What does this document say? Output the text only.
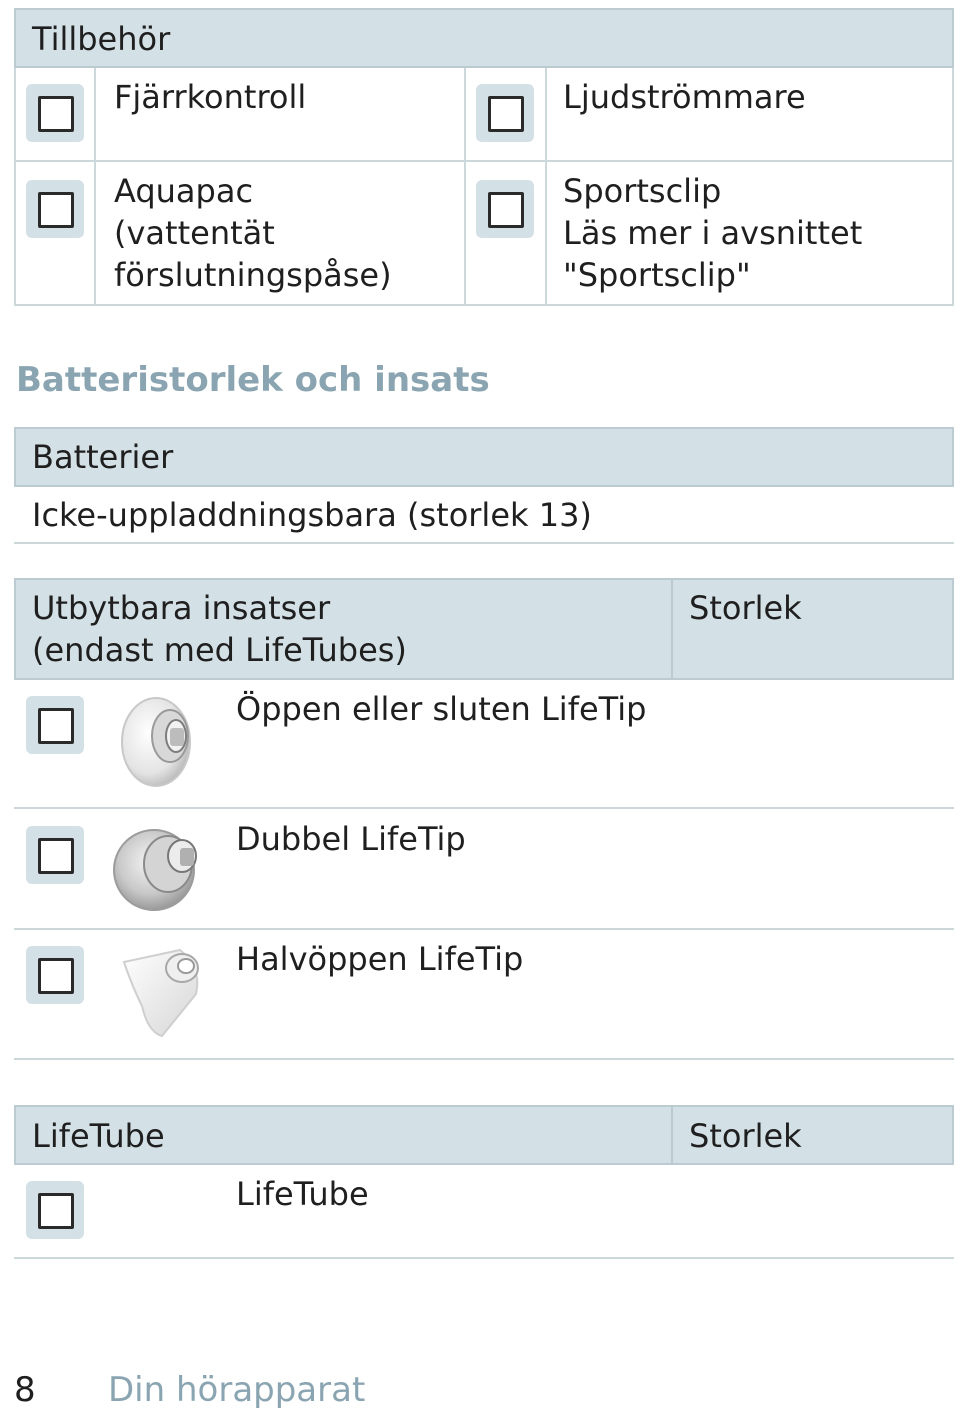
Tillbehör
Fjärrkontroll	Ljudströmmare
Aquapac
(vattentät
förslutningspåse)
Sportsclip
Läs mer i avsnittet
"Sportsclip"
Batteristorlek och insats
Batterier
Icke-uppladdningsbara (storlek 13)
Utbytbara insatser
(endast med LifeTubes)
Storlek
Öppen eller sluten LifeTip
Dubbel LifeTip
Halvöppen LifeTip
LifeTube	Storlek
LifeTube
8 Din hörapparat
